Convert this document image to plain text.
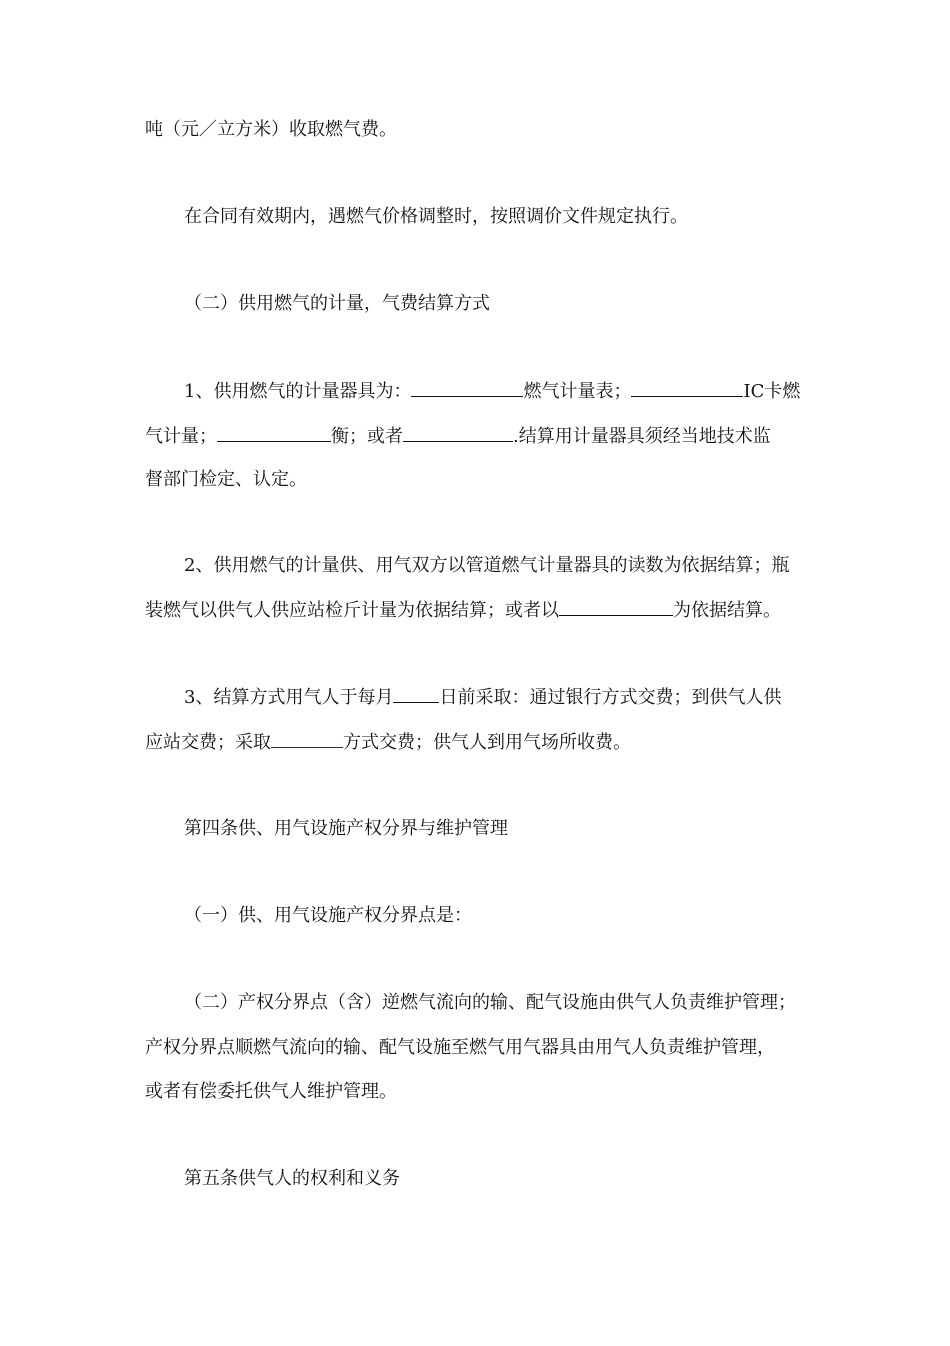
吨（元／立方米）收取燃气费。
在合同有效期内，遇燃气价格调整时，按照调价文件规定执行。
（二）供用燃气的计量，气费结算方式
1、供用燃气的计量器具为：	燃气计量表；	IC卡燃
气计量；	衡；或者	.结算用计量器具须经当地技术监
督部门检定、认定。
2、供用燃气的计量供、用气双方以管道燃气计量器具的读数为依据结算；瓶
装燃气以供气人供应站检斤计量为依据结算；或者以	为依据结算。
3、结算方式用气人于每月	日前采取：通过银行方式交费；到供气人供
应站交费；采取	方式交费；供气人到用气场所收费。
第四条供、用气设施产权分界与维护管理
（一）供、用气设施产权分界点是：
（二）产权分界点（含）逆燃气流向的输、配气设施由供气人负责维护管理；
产权分界点顺燃气流向的输、配气设施至燃气用气器具由用气人负责维护管理，
或者有偿委托供气人维护管理。
第五条供气人的权利和义务
